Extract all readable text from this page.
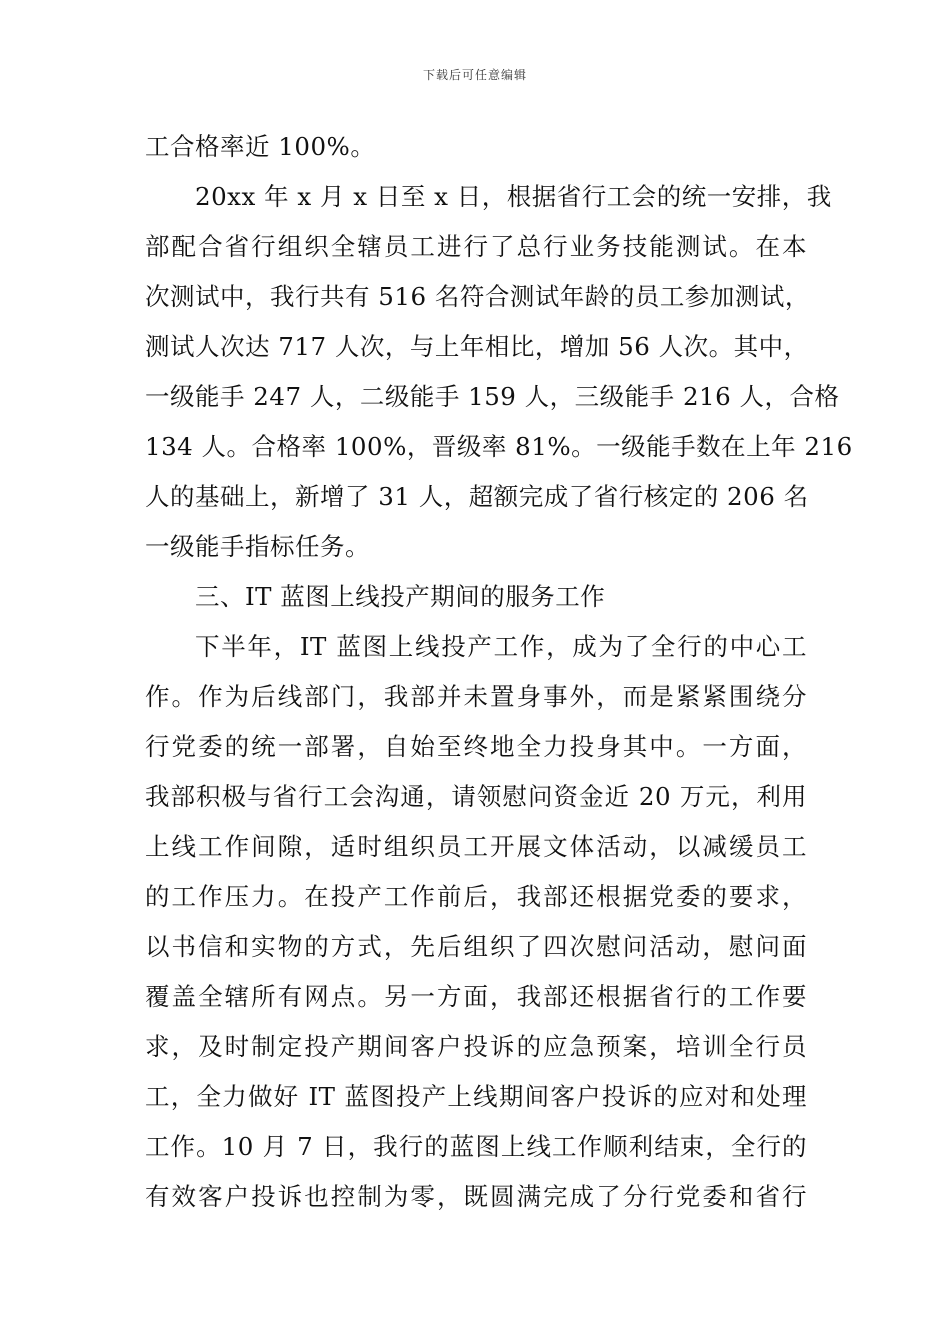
下载后可任意编辑
工合格率近 100%。
20xx 年 x 月 x 日至 x 日，根据省行工会的统一安排，我
部配合省行组织全辖员工进行了总行业务技能测试。在本
次测试中，我行共有 516 名符合测试年龄的员工参加测试，
测试人次达 717 人次，与上年相比，增加 56 人次。其中，
一级能手 247 人，二级能手 159 人，三级能手 216 人，合格
134 人。合格率 100%，晋级率 81%。一级能手数在上年 216
人的基础上，新增了 31 人，超额完成了省行核定的 206 名
一级能手指标任务。
三、IT 蓝图上线投产期间的服务工作
下半年，IT 蓝图上线投产工作，成为了全行的中心工
作。作为后线部门，我部并未置身事外，而是紧紧围绕分
行党委的统一部署，自始至终地全力投身其中。一方面，
我部积极与省行工会沟通，请领慰问资金近 20 万元，利用
上线工作间隙，适时组织员工开展文体活动，以减缓员工
的工作压力。在投产工作前后，我部还根据党委的要求，
以书信和实物的方式，先后组织了四次慰问活动，慰问面
覆盖全辖所有网点。另一方面，我部还根据省行的工作要
求，及时制定投产期间客户投诉的应急预案，培训全行员
工，全力做好 IT 蓝图投产上线期间客户投诉的应对和处理
工作。10 月 7 日，我行的蓝图上线工作顺利结束，全行的
有效客户投诉也控制为零，既圆满完成了分行党委和省行
